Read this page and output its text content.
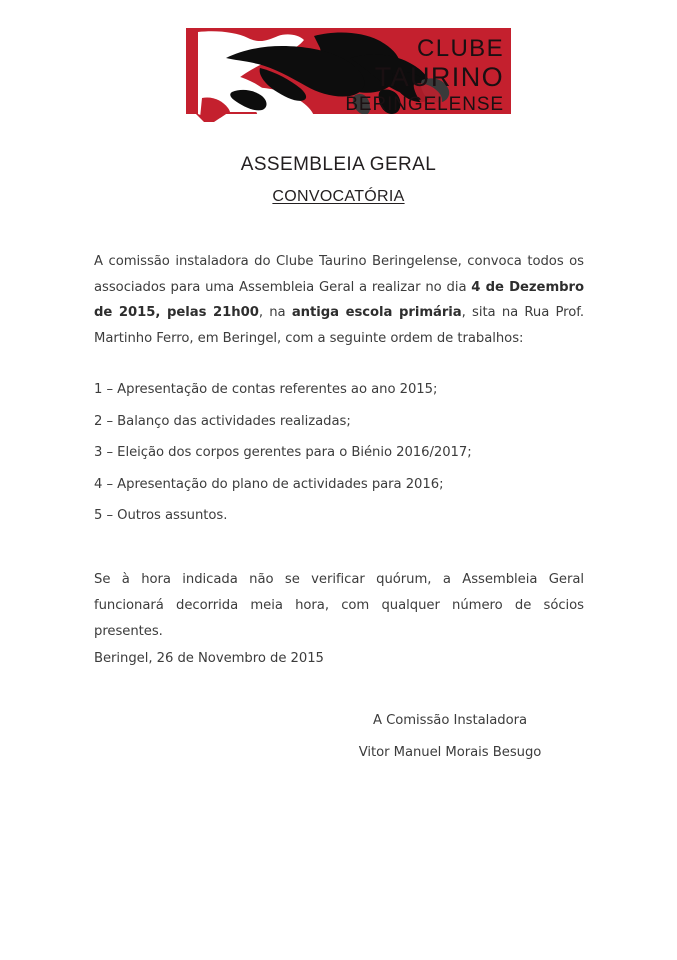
CLUBE
TAURINO
BERINGELENSE
ASSEMBLEIA GERAL
CONVOCATÓRIA
A comissão instaladora do Clube Taurino Beringelense, convoca todos os associados para uma Assembleia Geral a realizar no dia 4 de Dezembro de 2015, pelas 21h00, na antiga escola primária, sita na Rua Prof. Martinho Ferro, em Beringel, com a seguinte ordem de trabalhos:
1 – Apresentação de contas referentes ao ano 2015;
2 – Balanço das actividades realizadas;
3 – Eleição dos corpos gerentes para o Biénio 2016/2017;
4 – Apresentação do plano de actividades para 2016;
5 – Outros assuntos.
Se à hora indicada não se verificar quórum, a Assembleia Geral funcionará decorrida meia hora, com qualquer número de sócios presentes.
Beringel, 26 de Novembro de 2015
A Comissão Instaladora
Vitor Manuel Morais Besugo
